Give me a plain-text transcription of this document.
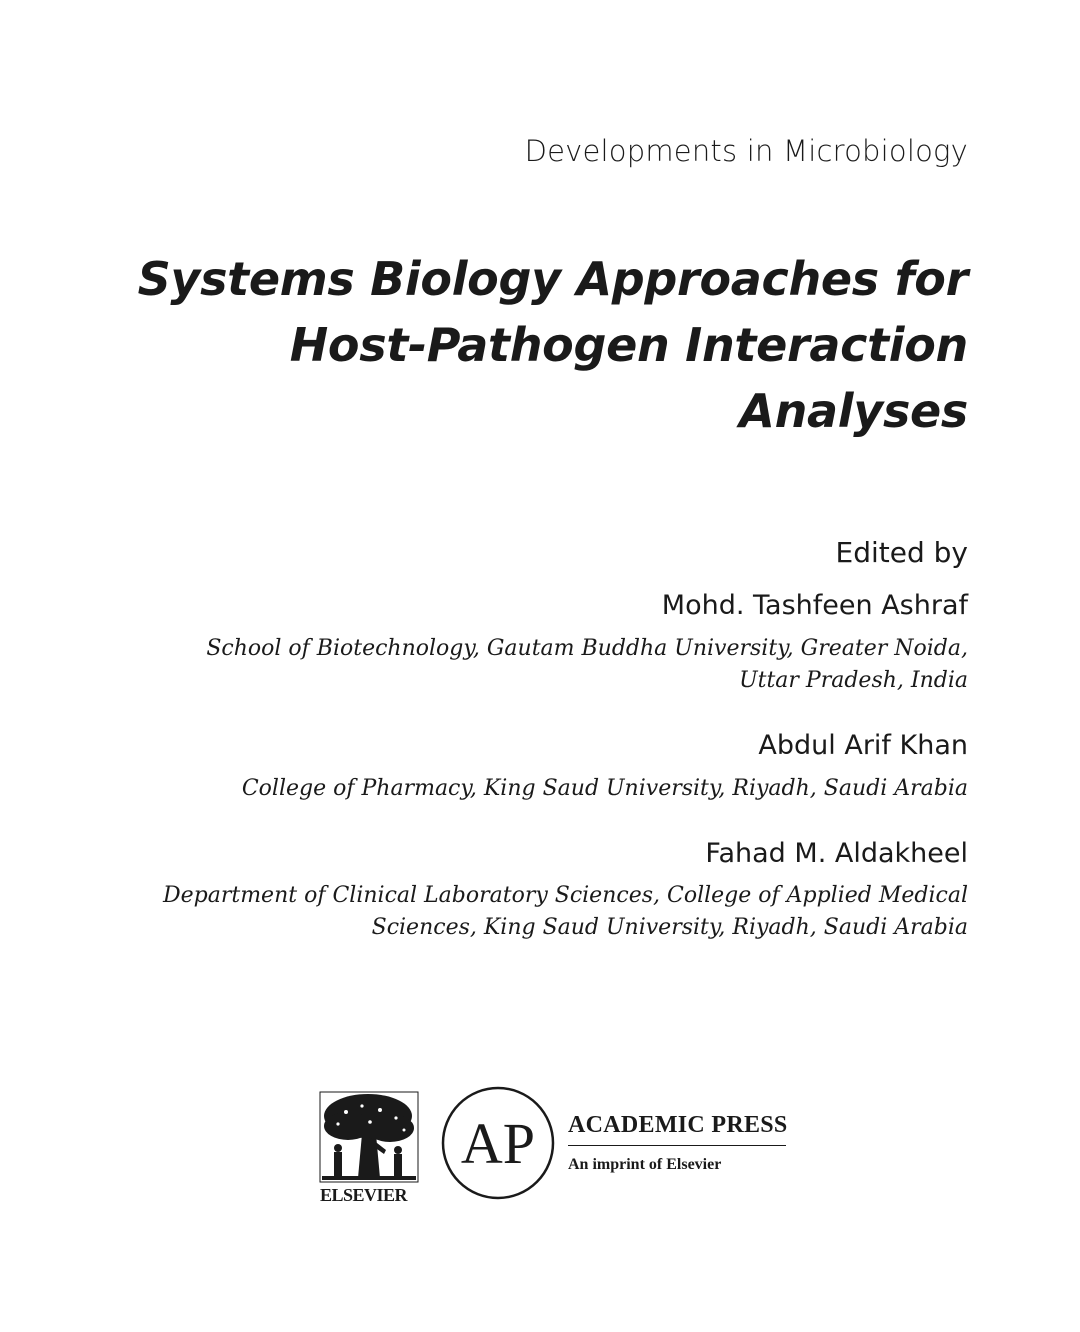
Developments in Microbiology
Systems Biology Approaches for
Host-Pathogen Interaction
Analyses
Edited by
Mohd. Tashfeen Ashraf
School of Biotechnology, Gautam Buddha University, Greater Noida,
Uttar Pradesh, India
Abdul Arif Khan
College of Pharmacy, King Saud University, Riyadh, Saudi Arabia
Fahad M. Aldakheel
Department of Clinical Laboratory Sciences, College of Applied Medical
Sciences, King Saud University, Riyadh, Saudi Arabia
ELSEVIER
AP ACADEMIC PRESS
An imprint of Elsevier
